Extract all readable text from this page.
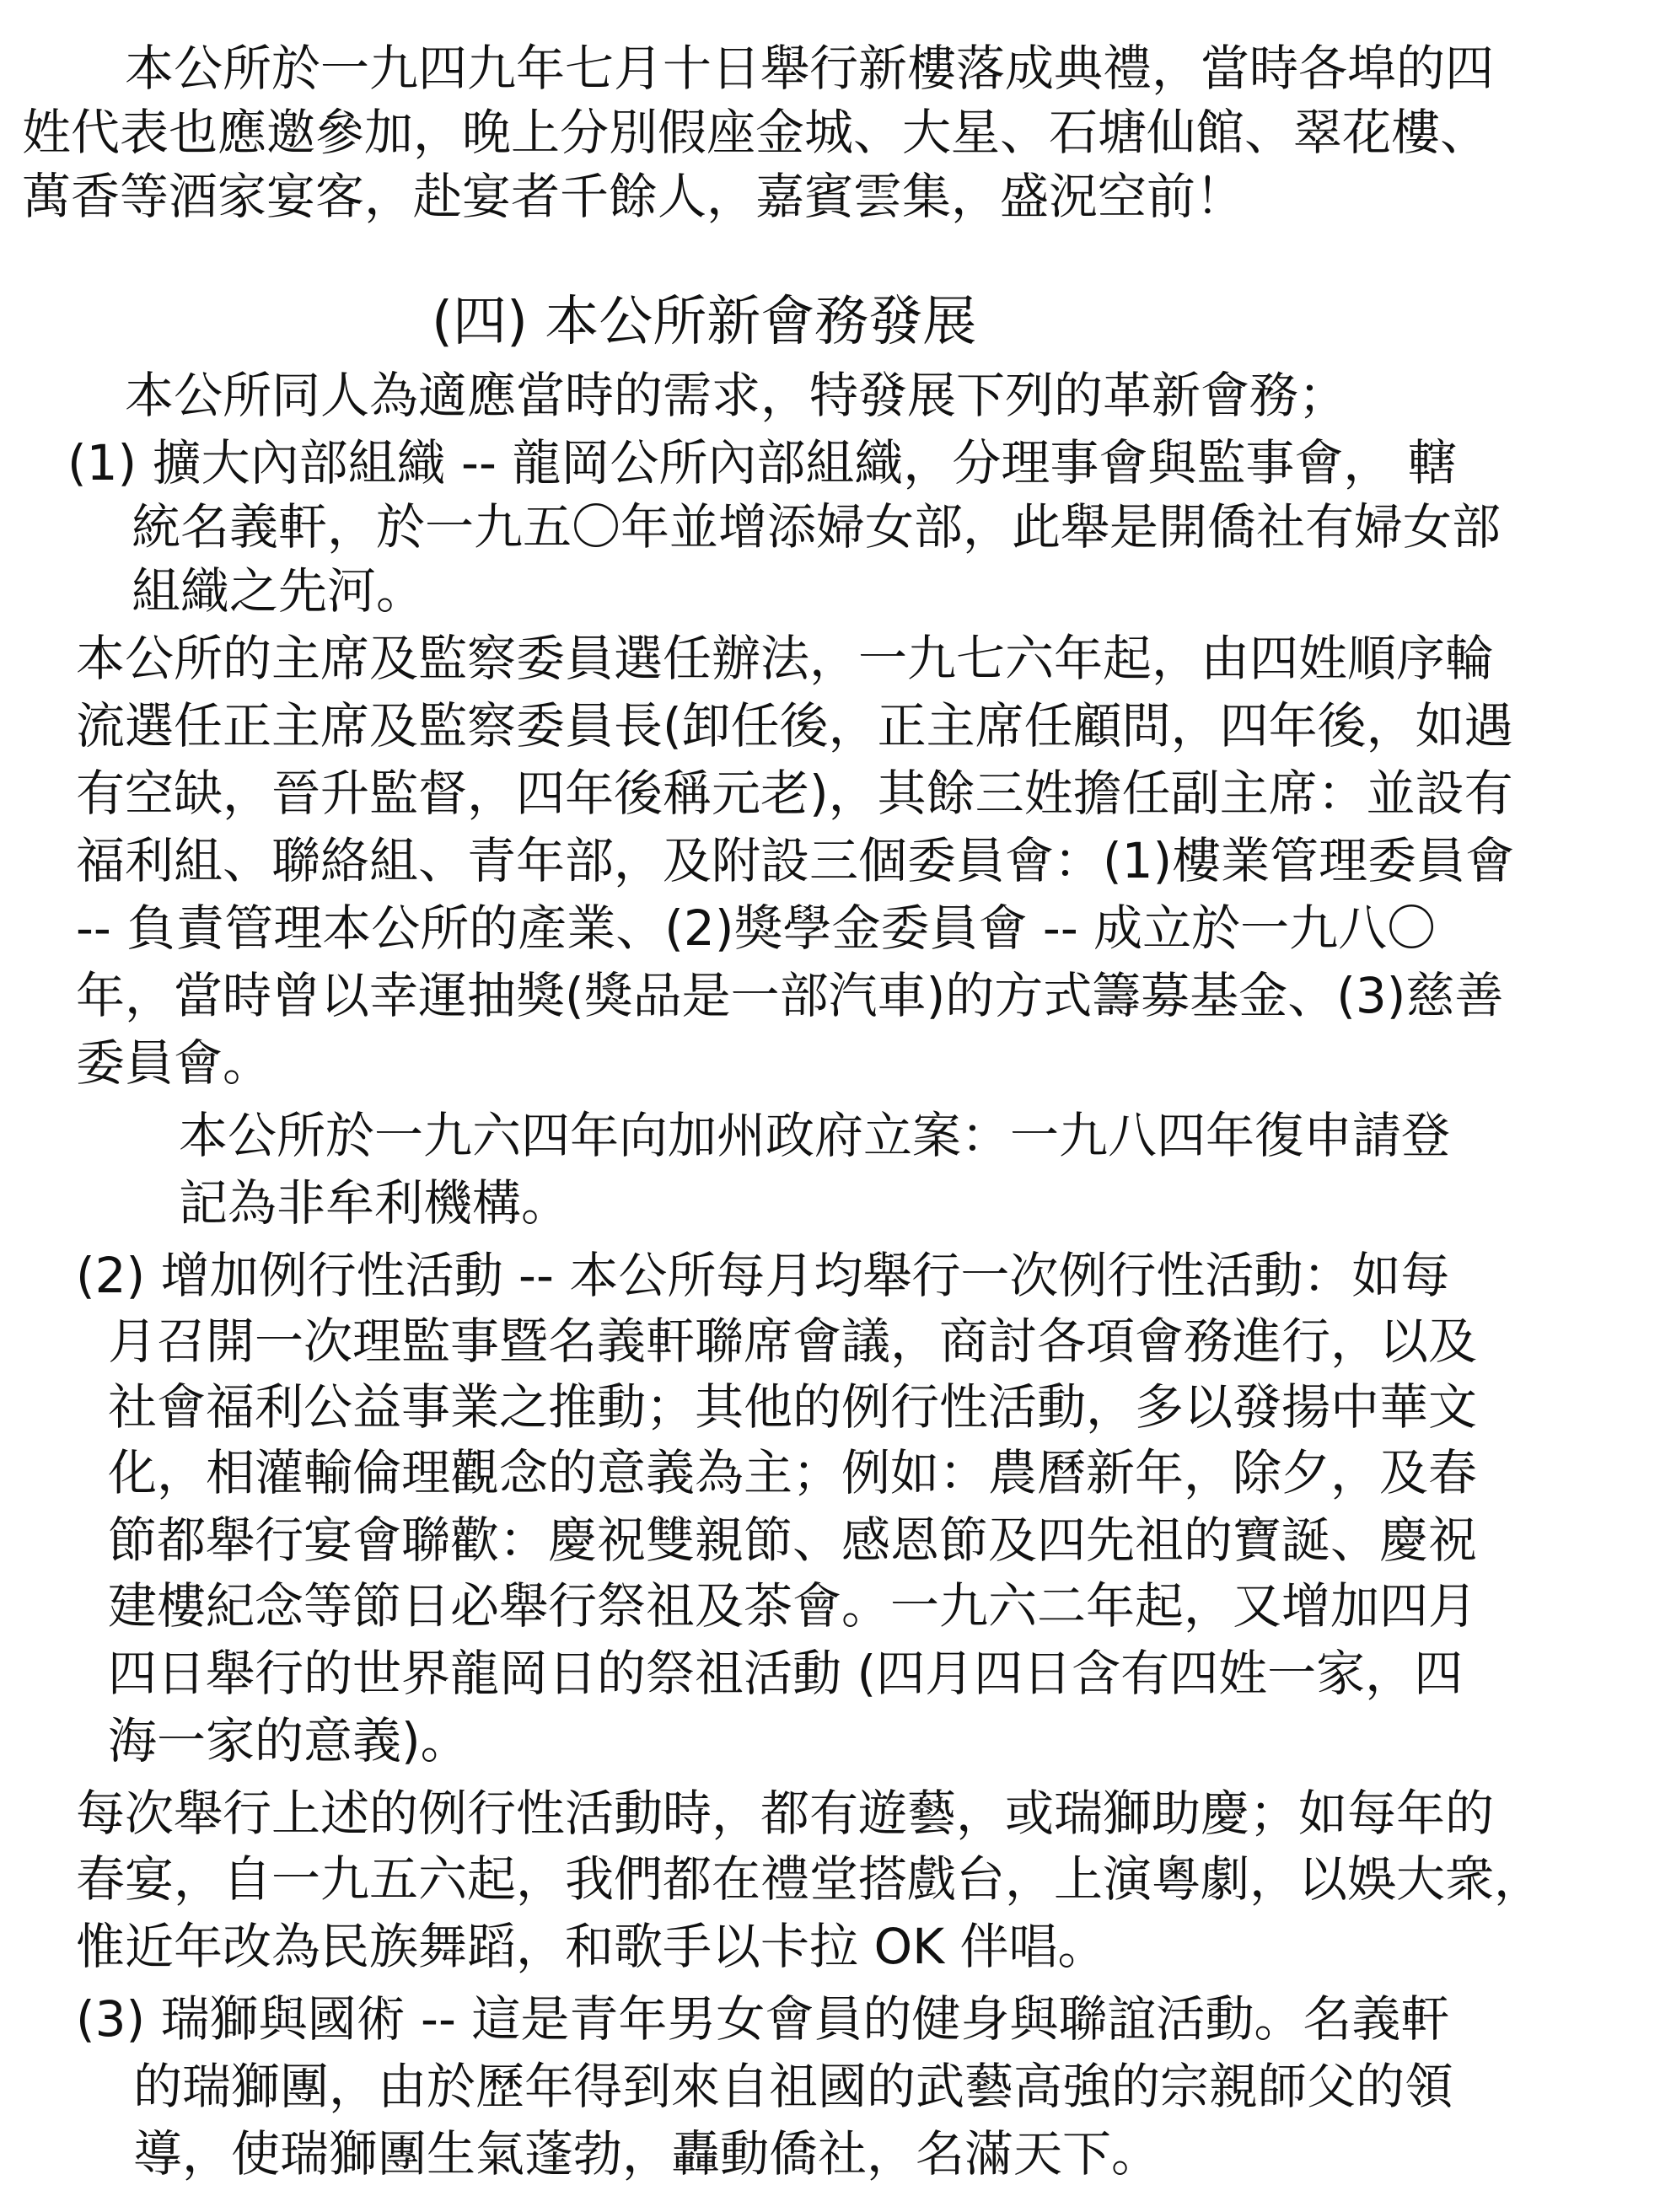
本公所於一九四九年七月十日舉行新樓落成典禮，當時各埠的四
姓代表也應邀參加，晚上分別假座金城、大星、石塘仙館、翠花樓、
萬香等酒家宴客，赴宴者千餘人，嘉賓雲集，盛況空前！
(四) 本公所新會務發展
本公所同人為適應當時的需求，特發展下列的革新會務；
(1) 擴大內部組織 -- 龍岡公所內部組織，分理事會與監事會， 轄
統名義軒，於一九五〇年並增添婦女部，此舉是開僑社有婦女部
組織之先河。
本公所的主席及監察委員選任辦法，一九七六年起，由四姓順序輪
流選任正主席及監察委員長(卸任後，正主席任顧問，四年後，如遇
有空缺，晉升監督，四年後稱元老)，其餘三姓擔任副主席：並設有
福利組、聯絡組、青年部，及附設三個委員會：(1)樓業管理委員會
-- 負責管理本公所的產業、(2)獎學金委員會 -- 成立於一九八〇
年，當時曾以幸運抽獎(獎品是一部汽車)的方式籌募基金、(3)慈善
委員會。
本公所於一九六四年向加州政府立案：一九八四年復申請登
記為非牟利機構。
(2) 增加例行性活動 -- 本公所每月均舉行一次例行性活動：如每
月召開一次理監事暨名義軒聯席會議，商討各項會務進行，以及
社會福利公益事業之推動；其他的例行性活動，多以發揚中華文
化，相灌輸倫理觀念的意義為主；例如：農曆新年，除夕，及春
節都舉行宴會聯歡：慶祝雙親節、感恩節及四先祖的寶誕、慶祝
建樓紀念等節日必舉行祭祖及茶會。一九六二年起，又增加四月
四日舉行的世界龍岡日的祭祖活動 (四月四日含有四姓一家，四
海一家的意義)。
每次舉行上述的例行性活動時，都有遊藝，或瑞獅助慶；如每年的
春宴，自一九五六起，我們都在禮堂搭戲台，上演粵劇，以娛大衆，
惟近年改為民族舞蹈，和歌手以卡拉 OK 伴唱。
(3) 瑞獅與國術 -- 這是青年男女會員的健身與聯誼活動。名義軒
的瑞獅團，由於歷年得到來自祖國的武藝高強的宗親師父的領
導，使瑞獅團生氣蓬勃，轟動僑社，名滿天下。
